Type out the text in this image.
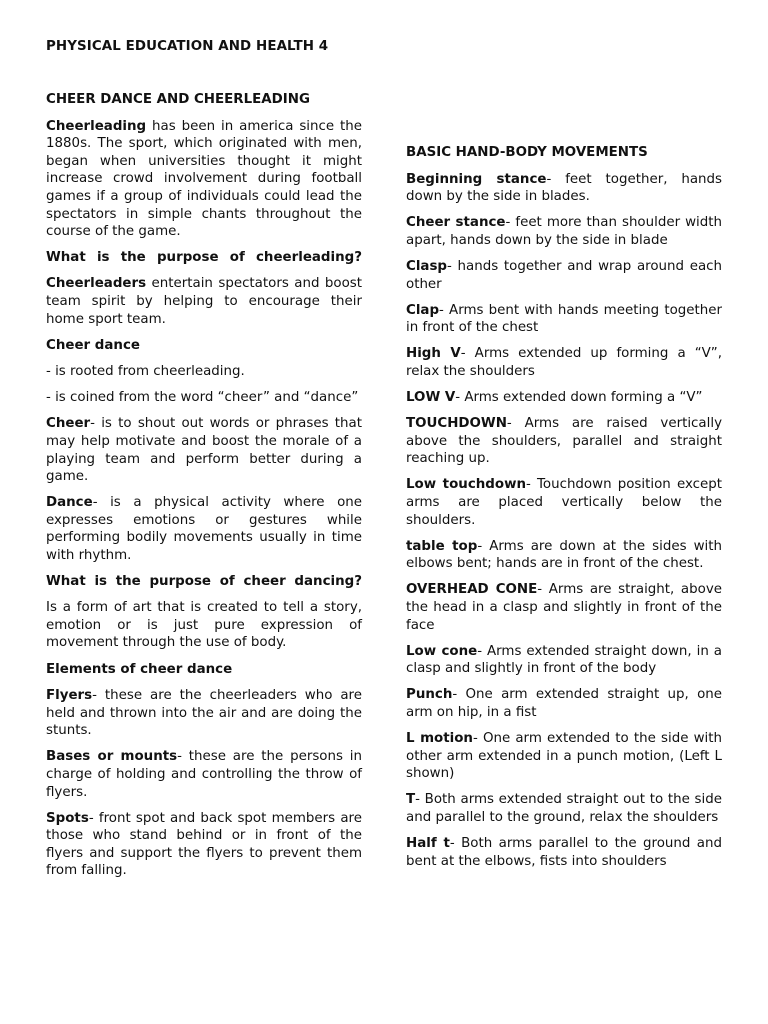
PHYSICAL EDUCATION AND HEALTH 4
CHEER DANCE AND CHEERLEADING

Cheerleading has been in america since the 1880s. The sport, which originated with men, began when universities thought it might increase crowd involvement during football games if a group of individuals could lead the spectators in simple chants throughout the course of the game.

What is the purpose of cheerleading?

Cheerleaders entertain spectators and boost team spirit by helping to encourage their home sport team.

Cheer dance

- is rooted from cheerleading.

- is coined from the word “cheer” and “dance”

Cheer- is to shout out words or phrases that may help motivate and boost the morale of a playing team and perform better during a game.

Dance- is a physical activity where one expresses emotions or gestures while performing bodily movements usually in time with rhythm.

What is the purpose of cheer dancing?

Is a form of art that is created to tell a story, emotion or is just pure expression of movement through the use of body.

Elements of cheer dance

Flyers- these are the cheerleaders who are held and thrown into the air and are doing the stunts.

Bases or mounts- these are the persons in charge of holding and controlling the throw of flyers.

Spots- front spot and back spot members are those who stand behind or in front of the flyers and support the flyers to prevent them from falling.

BASIC HAND-BODY MOVEMENTS

Beginning stance- feet together, hands down by the side in blades.

Cheer stance- feet more than shoulder width apart, hands down by the side in blade

Clasp- hands together and wrap around each other

Clap- Arms bent with hands meeting together in front of the chest

High V- Arms extended up forming a “V”, relax the shoulders

LOW V- Arms extended down forming a “V”

TOUCHDOWN- Arms are raised vertically above the shoulders, parallel and straight reaching up.

Low touchdown- Touchdown position except arms are placed vertically below the shoulders.

table top- Arms are down at the sides with elbows bent; hands are in front of the chest.

OVERHEAD CONE- Arms are straight, above the head in a clasp and slightly in front of the face

Low cone- Arms extended straight down, in a clasp and slightly in front of the body

Punch- One arm extended straight up, one arm on hip, in a fist

L motion- One arm extended to the side with other arm extended in a punch motion, (Left L shown)

T- Both arms extended straight out to the side and parallel to the ground, relax the shoulders

Half t- Both arms parallel to the ground and bent at the elbows, fists into shoulders
